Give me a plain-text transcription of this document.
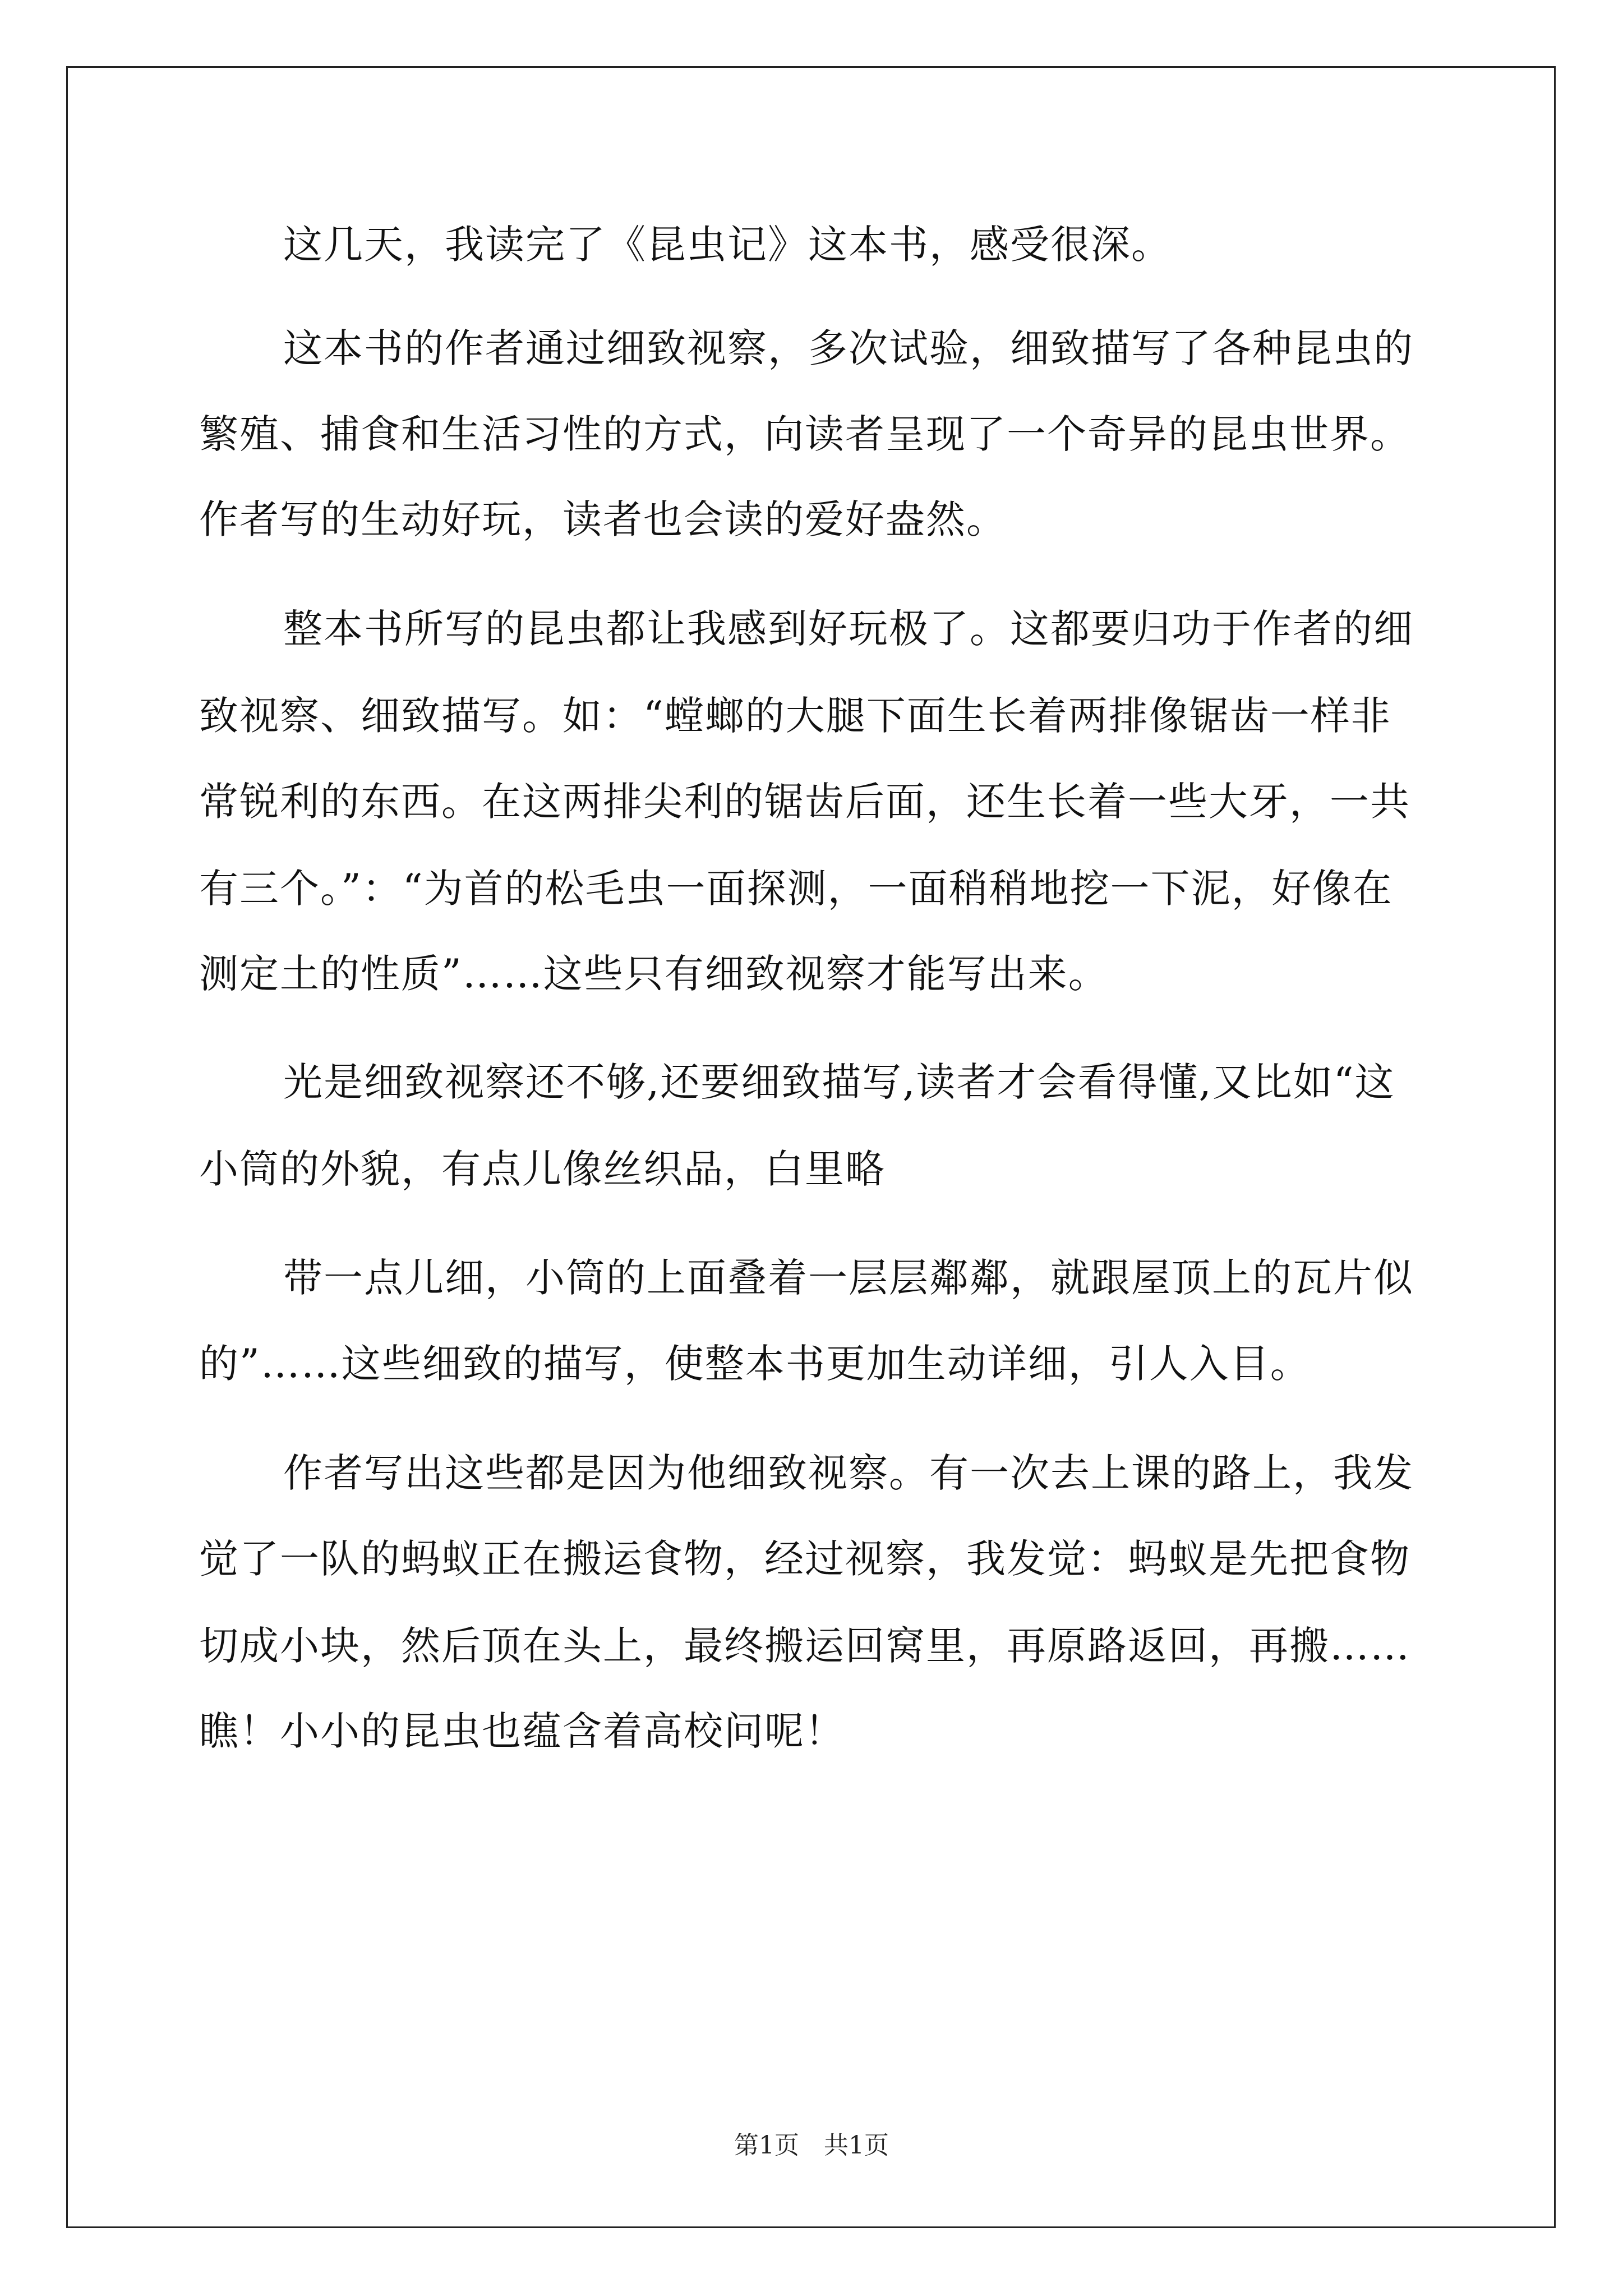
这几天，我读完了《昆虫记》这本书，感受很深。
这本书的作者通过细致视察，多次试验，细致描写了各种昆虫的
繁殖、捕食和生活习性的方式，向读者呈现了一个奇异的昆虫世界。
作者写的生动好玩，读者也会读的爱好盎然。
整本书所写的昆虫都让我感到好玩极了。这都要归功于作者的细
致视察、细致描写。如：“螳螂的大腿下面生长着两排像锯齿一样非
常锐利的东西。在这两排尖利的锯齿后面，还生长着一些大牙，一共
有三个。”：“为首的松毛虫一面探测，一面稍稍地挖一下泥，好像在
测定土的性质”……这些只有细致视察才能写出来。
光是细致视察还不够,还要细致描写,读者才会看得懂,又比如“这
小筒的外貌，有点儿像丝织品，白里略
带一点儿细，小筒的上面叠着一层层鄰鄰，就跟屋顶上的瓦片似
的”……这些细致的描写，使整本书更加生动详细，引人入目。
作者写出这些都是因为他细致视察。有一次去上课的路上，我发
觉了一队的蚂蚁正在搬运食物，经过视察，我发觉：蚂蚁是先把食物
切成小块，然后顶在头上，最终搬运回窝里，再原路返回，再搬……
瞧！小小的昆虫也蕴含着高校问呢！
第1页 共1页
